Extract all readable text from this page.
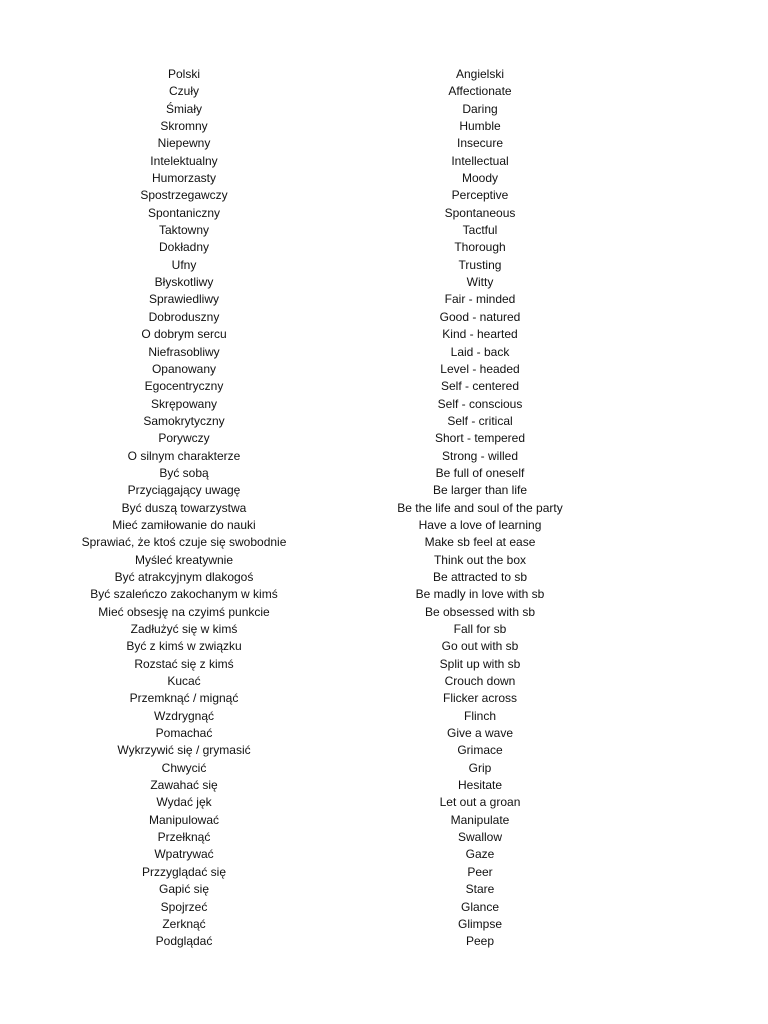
Polski	Angielski
Czuły	Affectionate
Śmiały	Daring
Skromny	Humble
Niepewny	Insecure
Intelektualny	Intellectual
Humorzasty	Moody
Spostrzegawczy	Perceptive
Spontaniczny	Spontaneous
Taktowny	Tactful
Dokładny	Thorough
Ufny	Trusting
Błyskotliwy	Witty
Sprawiedliwy	Fair - minded
Dobroduszny	Good - natured
O dobrym sercu	Kind - hearted
Niefrasobliwy	Laid - back
Opanowany	Level - headed
Egocentryczny	Self - centered
Skrępowany	Self - conscious
Samokrytyczny	Self - critical
Porywczy	Short - tempered
O silnym charakterze	Strong - willed
Być sobą	Be full of oneself
Przyciągający uwagę	Be larger than life
Być duszą towarzystwa	Be the life and soul of the party
Mieć zamiłowanie do nauki	Have a love of learning
Sprawiać, że ktoś czuje się swobodnie	Make sb feel at ease
Myśleć kreatywnie	Think out the box
Być atrakcyjnym dlakogoś	Be attracted to sb
Być szaleńczo zakochanym w kimś	Be madly in love with sb
Mieć obsesję na czyimś punkcie	Be obsessed with sb
Zadłużyć się w kimś	Fall for sb
Być z kimś w związku	Go out with sb
Rozstać się z kimś	Split up with sb
Kucać	Crouch down
Przemknąć / mignąć	Flicker across
Wzdrygnąć	Flinch
Pomachać	Give a wave
Wykrzywić się / grymasić	Grimace
Chwycić	Grip
Zawahać się	Hesitate
Wydać jęk	Let out a groan
Manipulować	Manipulate
Przełknąć	Swallow
Wpatrywać	Gaze
Przzyglądać się	Peer
Gapić się	Stare
Spojrzeć	Glance
Zerknąć	Glimpse
Podglądać	Peep
